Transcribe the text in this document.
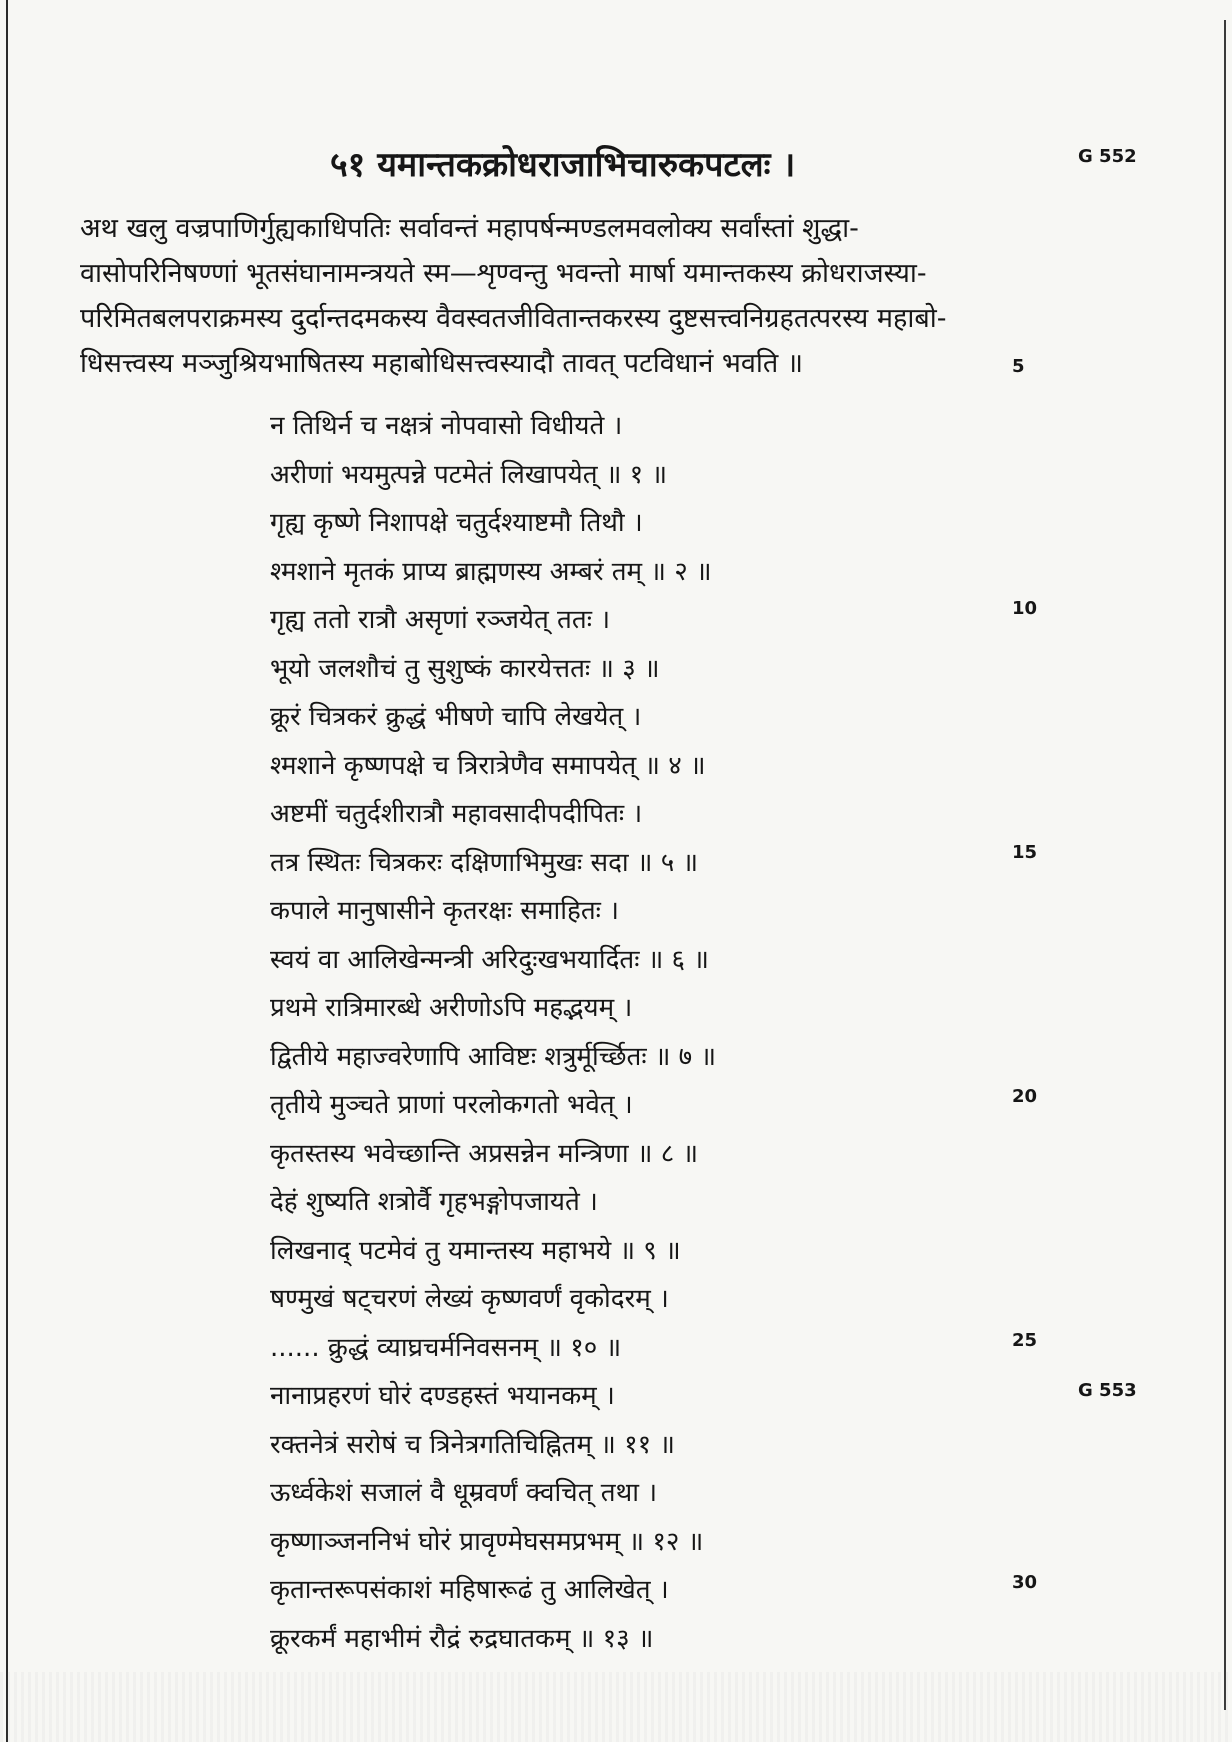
५१ यमान्तकक्रोधराजाभिचारुकपटलः ।	G 552
G 553
अथ खलु वज्रपाणिर्गुह्यकाधिपतिः सर्वावन्तं महापर्षन्मण्डलमवलोक्य सर्वांस्तां शुद्धा-
वासोपरिनिषण्णां भूतसंघानामन्त्रयते स्म—शृण्वन्तु भवन्तो मार्षा यमान्तकस्य क्रोधराजस्या-
परिमितबलपराक्रमस्य दुर्दान्तदमकस्य वैवस्वतजीवितान्तकरस्य दुष्टसत्त्वनिग्रहतत्परस्य महाबो-
धिसत्त्वस्य मञ्जुश्रियभाषितस्य महाबोधिसत्त्वस्यादौ तावत् पटविधानं भवति ॥
न तिथिर्न च नक्षत्रं नोपवासो विधीयते ।
अरीणां भयमुत्पन्ने पटमेतं लिखापयेत् ॥ १ ॥
गृह्य कृष्णे निशापक्षे चतुर्दश्याष्टमौ तिथौ ।
श्मशाने मृतकं प्राप्य ब्राह्मणस्य अम्बरं तम् ॥ २ ॥
गृह्य ततो रात्रौ असृणां रञ्जयेत् ततः ।
भूयो जलशौचं तु सुशुष्कं कारयेत्ततः ॥ ३ ॥
क्रूरं चित्रकरं क्रुद्धं भीषणे चापि लेखयेत् ।
श्मशाने कृष्णपक्षे च त्रिरात्रेणैव समापयेत् ॥ ४ ॥
अष्टमीं चतुर्दशीरात्रौ महावसादीपदीपितः ।
तत्र स्थितः चित्रकरः दक्षिणाभिमुखः सदा ॥ ५ ॥
कपाले मानुषासीने कृतरक्षः समाहितः ।
स्वयं वा आलिखेन्मन्त्री अरिदुःखभयार्दितः ॥ ६ ॥
प्रथमे रात्रिमारब्धे अरीणोऽपि महद्भयम् ।
द्वितीये महाज्वरेणापि आविष्टः शत्रुर्मूर्च्छितः ॥ ७ ॥
तृतीये मुञ्चते प्राणां परलोकगतो भवेत् ।
कृतस्तस्य भवेच्छान्ति अप्रसन्नेन मन्त्रिणा ॥ ८ ॥
देहं शुष्यति शत्रोर्वै गृहभङ्गोपजायते ।
लिखनाद् पटमेवं तु यमान्तस्य महाभये ॥ ९ ॥
षण्मुखं षट्चरणं लेख्यं कृष्णवर्णं वृकोदरम् ।
...... क्रुद्धं व्याघ्रचर्मनिवसनम् ॥ १० ॥
नानाप्रहरणं घोरं दण्डहस्तं भयानकम् ।
रक्तनेत्रं सरोषं च त्रिनेत्रगतिचिह्नितम् ॥ ११ ॥
ऊर्ध्वकेशं सजालं वै धूम्रवर्णं क्वचित् तथा ।
कृष्णाञ्जननिभं घोरं प्रावृण्मेघसमप्रभम् ॥ १२ ॥
कृतान्तरूपसंकाशं महिषारूढं तु आलिखेत् ।
क्रूरकर्मं महाभीमं रौद्रं रुद्रघातकम् ॥ १३ ॥
5
10
15
20
25
30
